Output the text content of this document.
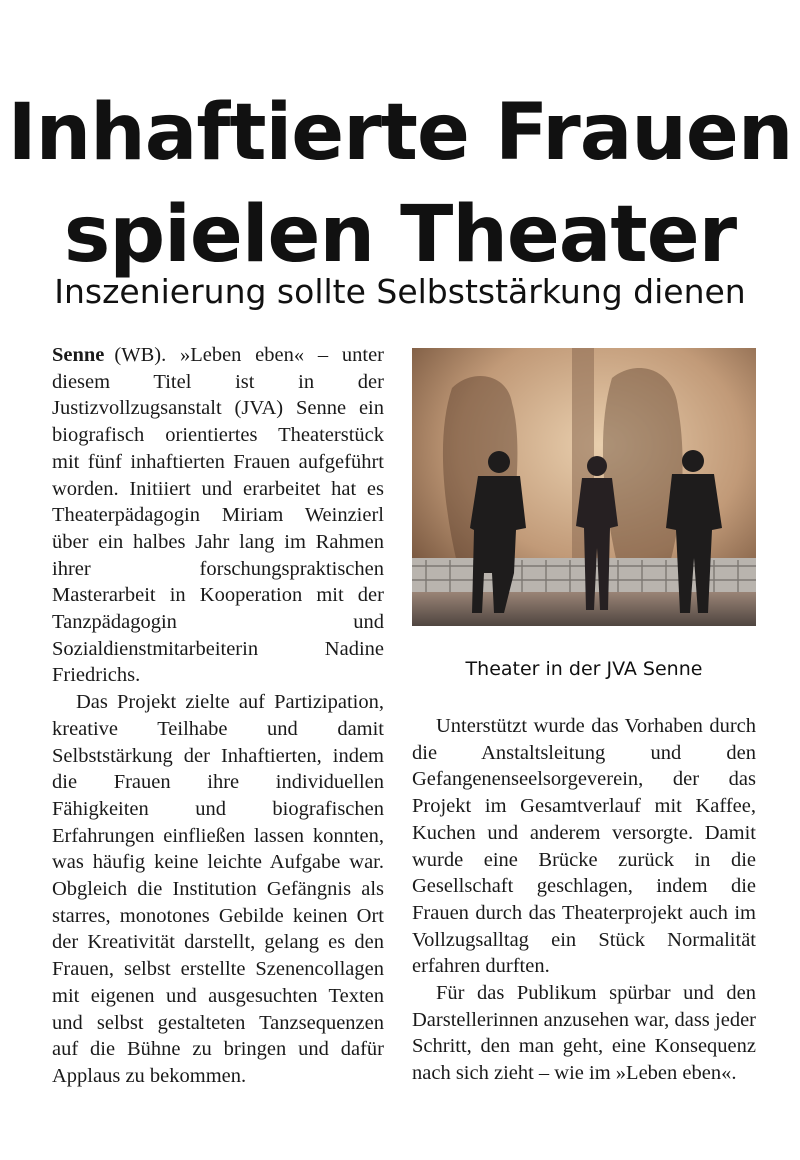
Inhaftierte Frauen
spielen Theater
Inszenierung sollte Selbststärkung dienen

Senne (WB). »Leben eben« – unter diesem Titel ist in der Justizvollzugsanstalt (JVA) Senne ein biografisch orientiertes Theaterstück mit fünf inhaftierten Frauen aufgeführt worden. Initiiert und erarbeitet hat es Theaterpädagogin Miriam Weinzierl über ein halbes Jahr lang im Rahmen ihrer forschungspraktischen Masterarbeit in Kooperation mit der Tanzpädagogin und Sozialdienstmitarbeiterin Nadine Friedrichs.

Das Projekt zielte auf Partizipation, kreative Teilhabe und damit Selbststärkung der Inhaftierten, indem die Frauen ihre individuellen Fähigkeiten und biografischen Erfahrungen einfließen lassen konnten, was häufig keine leichte Aufgabe war. Obgleich die Institution Gefängnis als starres, monotones Gebilde keinen Ort der Kreativität darstellt, gelang es den Frauen, selbst erstellte Szenencollagen mit eigenen und ausgesuchten Texten und selbst gestalteten Tanzsequenzen auf die Bühne zu bringen und dafür Applaus zu bekommen.

Theater in der JVA Senne

Unterstützt wurde das Vorhaben durch die Anstaltsleitung und den Gefangenenseelsorgeverein, der das Projekt im Gesamtverlauf mit Kaffee, Kuchen und anderem versorgte. Damit wurde eine Brücke zurück in die Gesellschaft geschlagen, indem die Frauen durch das Theaterprojekt auch im Vollzugsalltag ein Stück Normalität erfahren durften.

Für das Publikum spürbar und den Darstellerinnen anzusehen war, dass jeder Schritt, den man geht, eine Konsequenz nach sich zieht – wie im »Leben eben«.
